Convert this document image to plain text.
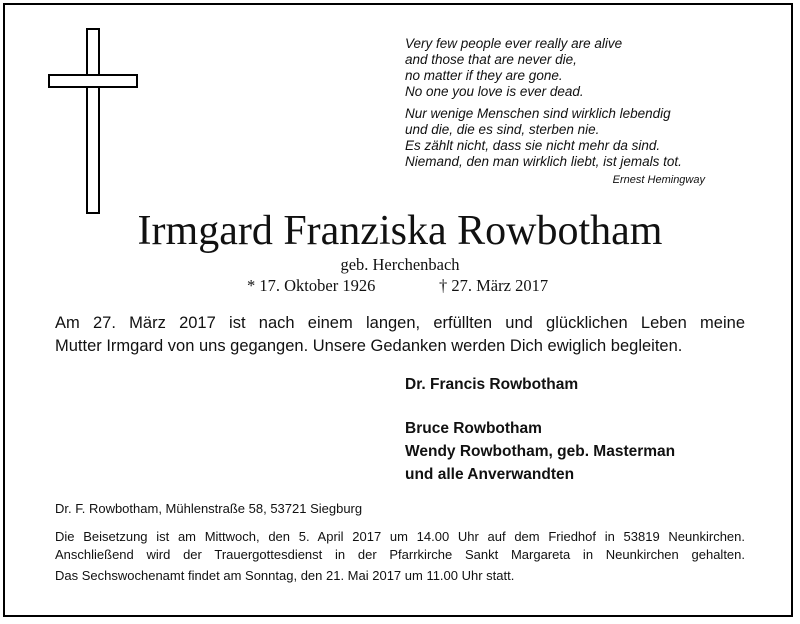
Very few people ever really are alive
and those that are never die,
no matter if they are gone.
No one you love is ever dead.
Nur wenige Menschen sind wirklich lebendig
und die, die es sind, sterben nie.
Es zählt nicht, dass sie nicht mehr da sind.
Niemand, den man wirklich liebt, ist jemals tot.
Ernest Hemingway
Irmgard Franziska Rowbotham
geb. Herchenbach
* 17. Oktober 1926	† 27. März 2017
Am 27. März 2017 ist nach einem langen, erfüllten und glücklichen Leben meine
Mutter Irmgard von uns gegangen. Unsere Gedanken werden Dich ewiglich begleiten.
Dr. Francis Rowbotham
Bruce Rowbotham
Wendy Rowbotham, geb. Masterman
und alle Anverwandten
Dr. F. Rowbotham, Mühlenstraße 58, 53721 Siegburg
Die Beisetzung ist am Mittwoch, den 5. April 2017 um 14.00 Uhr auf dem Friedhof in 53819 Neunkirchen.
Anschließend wird der Trauergottesdienst in der Pfarrkirche Sankt Margareta in Neunkirchen gehalten.
Das Sechswochenamt findet am Sonntag, den 21. Mai 2017 um 11.00 Uhr statt.
